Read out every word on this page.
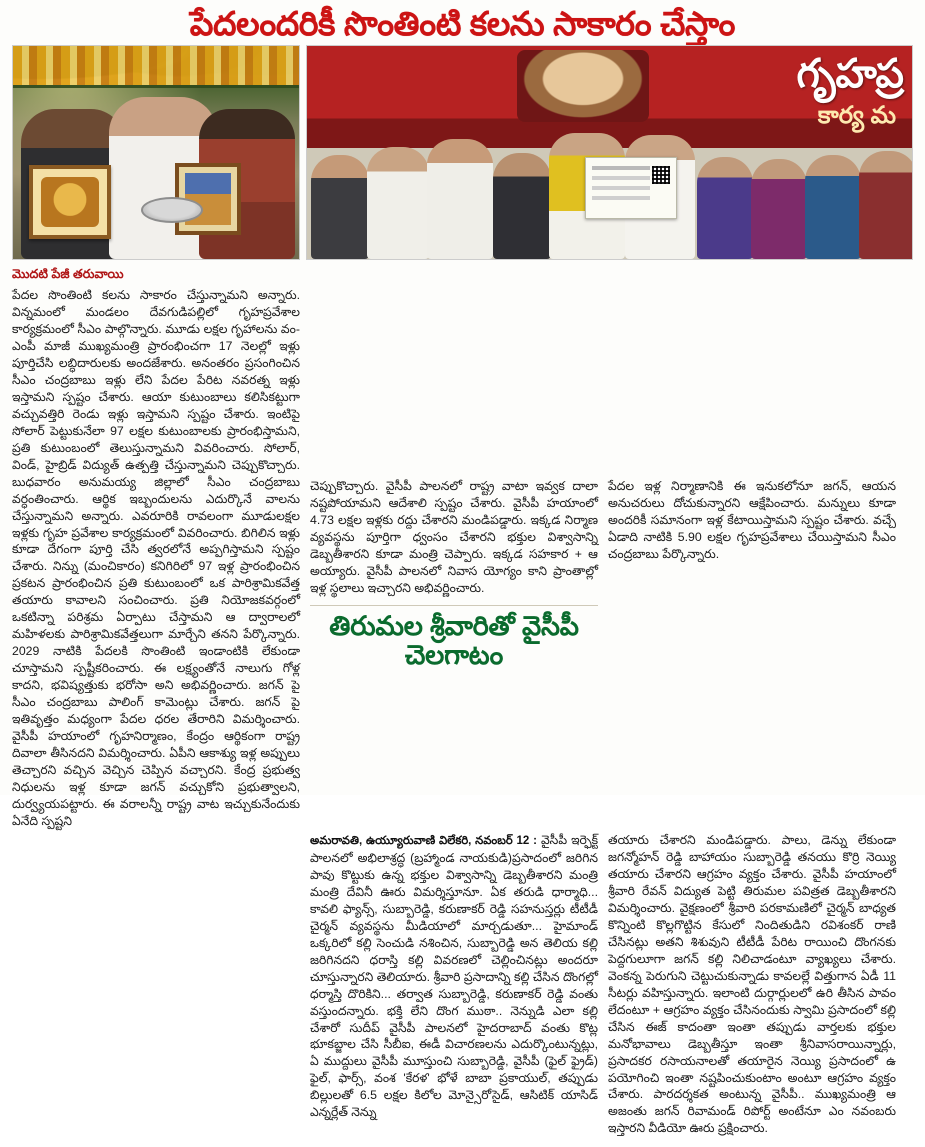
పేదలందరికీ సొంతింటి కలను సాకారం చేస్తాం
గృహప్ర
కార్య మ
మొదటి పేజీ తరువాయి
పేదల సొంతింటి కలను సాకారం చేస్తున్నామని అన్నారు. విన్నమంలో మండలం దేవగుడిపల్లిలో గృహప్రవేశాల కార్యక్రమంలో సీఎం పాల్గొన్నారు. మూడు లక్షల గృహాలను వం- ఎంపీ మాజీ ముఖ్యమంత్రి ప్రారంభించగా 17 నెలల్లో ఇళ్లు పూర్తిచేసి లబ్ధిదారులకు అందజేశారు. అనంతరం ప్రసంగించిన సీఎం చంద్రబాబు ఇళ్లు లేని పేదల పేరిట నవరత్న ఇళ్లు ఇస్తామని స్పష్టం చేశారు. ఆయా కుటుంబాలు కలిసికట్టుగా వచ్చువత్తిరి రెండు ఇళ్లు ఇస్తామని స్పష్టం చేశారు. ఇంటిపై సోలార్ పెట్టుకునేలా 97 లక్షల కుటుంబాలకు ప్రారంభిస్తామని, ప్రతి కుటుంబంలో తెలుస్తున్నామని వివరించారు. సోలార్, విండ్, హైబ్రిడ్ విద్యుత్ ఉత్పత్తి చేస్తున్నామని చెప్పుకొచ్చారు. బుధవారం అనుమయ్య జిల్లాలో సీఎం చంద్రబాబు వర్ధంతించారు. ఆర్థిక ఇబ్బందులను ఎదుర్కొనే వాలను చేస్తున్నామని అన్నారు. ఎవరూరికి రావలంగా మూడులక్షల ఇళ్లకు గృహ ప్రవేశాల కార్యక్రమంలో వివరించారు. బిగిలిన ఇళ్లు కూడా దేగంగా పూర్తి చేసి త్వరలోనే అప్పగిస్తామని స్పష్టం చేశారు. నిన్ను (మంచికారం) కనిగిరిలో 97 ఇళ్ల ప్రారంభించిన ప్రకటన ప్రారంభించిన ప్రతి కుటుంబంలో ఒక పారిశ్రామికవేత్త తయారు కావాలని సంచించారు. ప్రతి నియోజకవర్గంలో ఒకటిన్నా పరిశ్రమ ఏర్పాటు చేస్తామని ఆ ద్వారాలలో మహిళలకు పారిశ్రామికవేత్తలుగా మార్చేని తనని పేర్కొన్నారు. 2029 నాటికి పేదలకి సొంతింటి ఇండాంటికి లేకుండా చూస్తామని స్పష్టీకరించారు. ఈ లక్ష్యంతోనే నాలుగు గోళ్ల కాదని, భవిష్యత్తుకు భరోసా అని అభివర్ణించారు. జగన్ పై సీఎం చంద్రబాబు పాలింగ్ కామెంట్లు చేశారు. జగన్ పై ఇతివృత్తం మధ్యంగా పేదల ధరల తేరారిని విమర్శించారు. వైసీపీ హయాంలో గృహనిర్మాణం, కేంద్రం ఆర్థికంగా రాష్ట్ర దివాలా తీసినదని విమర్శించారు. ఏపీని ఆకాశ్యు ఇళ్ల అప్పులు తెచ్చారని వచ్చిన వెచ్చిన చెప్పిన వచ్చారని. కేంద్ర ప్రభుత్వ నిధులను ఇళ్ల కూడా జగన్ వచ్చుకోని ప్రభుత్వాలని, దుర్వ్యయపట్టారు. ఈ వరాలన్నీ రాష్ట్ర వాట ఇచ్చుకునేందుకు ఏనేది స్పష్టని
చెప్పుకొచ్చారు. వైసీపీ పాలనలో రాష్ట్ర వాటా ఇవ్వక దాలా నష్టపోయామని ఆదేశాలి స్పష్టం చేశారు. వైసీపీ హయాంలో 4.73 లక్షల ఇళ్లకు రద్దు చేశారని మండిపడ్డారు. ఇక్కడ నిర్మాణ వ్యవస్థను పూర్తిగా ధ్వంసం చేశారని భక్తుల విశ్వాసాన్ని డెబ్బతీశారని కూడా మంత్రి చెప్పారు. ఇక్కడ సహకార + ఆ అయ్యారు. వైసీపీ పాలనలో నివాస యోగ్యం కాని ప్రాంతాల్లో ఇళ్ల స్థలాలు ఇచ్చారని అభివర్ణించారు.
తిరుమల శ్రీవారితో వైసీపీ చెలగాటం
పేదల ఇళ్ల నిర్మాణానికి ఈ ఇనుకలోనూ జగన్, ఆయన అనుచరులు దోచుకున్నారని ఆక్షేపించారు. మన్నులు కూడా అందరికీ సమానంగా ఇళ్ల కేటాయిస్తామని స్పష్టం చేశారు. వచ్చే ఏడాది నాటికి 5.90 లక్షల గృహప్రవేశాలు చేయిస్తామని సీఎం చంద్రబాబు పేర్కొన్నారు.
అమరావతి, ఉయ్యూరువాణి విలేకరి, నవంబర్ 12 : వైసీపీ ఇర్ఫెక్ట్ పాలనలో అభిలాశ్రద్ధ (బ్రహ్మాండ నాయకుడి)ప్రసాదంలో జరిగిన పావు కొట్టుకు ఉన్న భక్తుల విశ్వాసాన్ని డెబ్బతీశారని మంత్రి మంత్రి దేవినీ ఊరు విమర్శిస్తూనూ. ఏక తరుడి ధార్మాధి... కావలి ఫ్యాన్స్, సుబ్బారెడ్డి, కరుణాకర్ రెడ్డి సహనుస్తర్లు టీటీడీ చైర్మన్ వ్యవస్థను మీడియాలో మార్చడుతూ... హైమాండ్ ఒక్కరిలో కల్లి సెంచుడి నశించిన, సుబ్బారెడ్డి అన తెలియ కల్లి జరిగినదని ధరాస్తి కల్లి వివరణలో చెల్లించినట్లు అందరూ చూస్తున్నారని తెలియారు. శ్రీవారి ప్రసాదాన్ని కల్లి చేసిన దొంగల్లో ధర్మాస్తి దొరికిని... తర్వాత సుబ్బారెడ్డి, కరుణాకర్ రెడ్డి వంతు వస్తుందన్నారు. భక్తి లేని దొంగ ముఠా.. నెన్నుడి ఎలా కల్లి చేశారో సుదీప్ వైసీపీ పాలనలో హైదరాబాద్ వంతు కొట్ల భూకబ్జాల చేసి సీబీఐ, ఈడీ విచారణలను ఎదుర్కొంటున్నట్లు, ఏ ముద్దులు వైసీపీ మూస్తుంచి సుబ్బారెడ్డి, వైసీపీ (ఫైల్ ఫ్రైడ్) ఫైల్, ఫార్స్, వంశ 'కేరళ' భోళే బాబా ప్రకాయుల్, తప్పుడు బిల్లులతో 6.5 లక్షల కిలోల మోన్సైరోసైడ్, ఆసిటిక్ యాసిడ్ ఎన్నర్లేత్ నెన్ను
తయారు చేశారని మండిపడ్డారు. పాలు, డెన్ను లేకుండా జగన్మోహన్ రెడ్డి బాహాయం సుబ్బారెడ్డి తనయు కొర్రి నెయ్యి తయారు చేశారని ఆగ్రహం వ్యక్తం చేశారు. వైసీపీ హయాంలో శ్రీవారి రేవన్ విద్యుత పెట్టి తిరుమల పవిత్రత డెబ్బతీశారని విమర్శించారు. వైక్షణంలో శ్రీవారి పరకామణిలో చైర్మన్ బాధ్యత కొన్నింటి కొల్లగొట్టిన కేసులో నిందితుడిని రవిశంకర్ రాణి చేసినట్లు అతని శిశువుని టీటీడీ పేరిట రాయించి దొంగనకు పెద్దగులూగా జగన్ కల్లి నిలిచాడంటూ వ్యాఖ్యలు చేశారు. వెంకన్న పెరుగుని చెట్టుచుకున్నాడు కావలల్లే విత్తుగాన ఏడీ 11 సీటర్లు వహిస్తున్నారు. ఇలాంటి దుర్గార్లులలో ఉరి తీసిన పావం లేదంటూ + ఆగ్రహం వ్యక్తం చేసినందుకు స్వామి ప్రసాదంలో కల్లి చేసిన ఈజ్ కాదంతా ఇంతా తప్పుడు వార్తలకు భక్తుల మనోభావాలు డెబ్బతీస్తూ ఇంతా శ్రీనివాసరాయిన్నార్లు, ప్రసాదకర రసాయనాలతో తయారైన నెయ్యి ప్రసాదంలో ఉ పయోగించి ఇంతా నష్టపించుకుంటాం అంటూ ఆగ్రహం వ్యక్తం చేశారు. పారదర్శకత అంటున్న వైసీపీ.. ముఖ్యమంత్రి ఆ అజంతు జగన్ రివామండ్ రిపోర్ట్ అంటేనూ ఎం నవంబరు ఇస్తారని వీడియో ఊరు ప్రక్షించారు.
